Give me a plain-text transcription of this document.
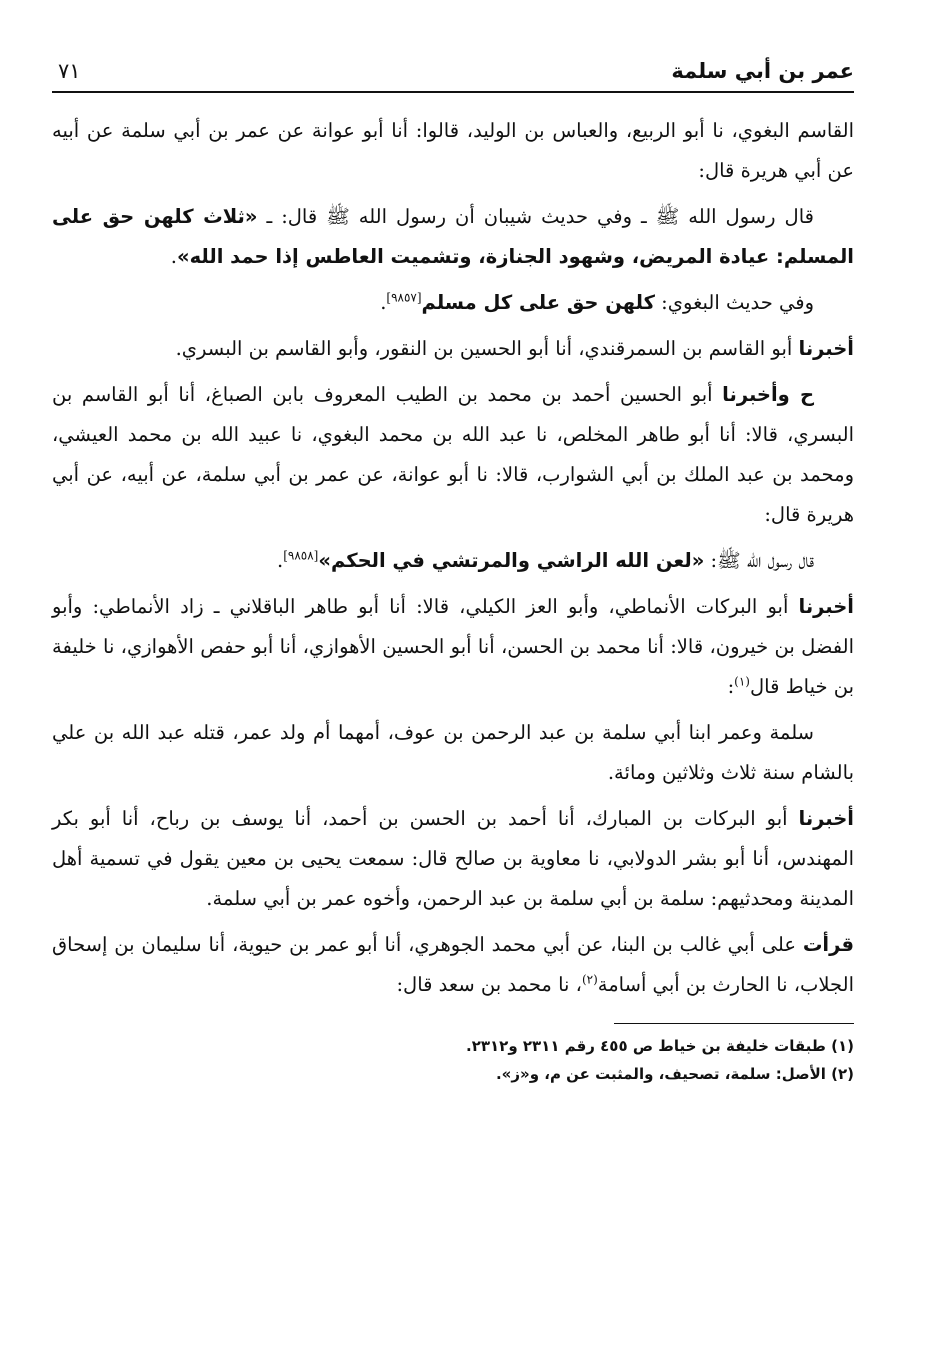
عمر بن أبي سلمة
٧١

القاسم البغوي، نا أبو الربيع، والعباس بن الوليد، قالوا: أنا أبو عوانة عن عمر بن أبي سلمة عن أبيه عن أبي هريرة قال:

قال رسول الله ﷺ ـ وفي حديث شيبان أن رسول الله ﷺ قال: ـ «ثلاث كلهن حق على المسلم: عيادة المريض، وشهود الجنازة، وتشميت العاطس إذا حمد الله».

وفي حديث البغوي: كلهن حق على كل مسلم[٩٨٥٧].

أخبرنا أبو القاسم بن السمرقندي، أنا أبو الحسين بن النقور، وأبو القاسم بن البسري.

ح وأخبرنا أبو الحسين أحمد بن محمد بن الطيب المعروف بابن الصباغ، أنا أبو القاسم بن البسري، قالا: أنا أبو طاهر المخلص، نا عبد الله بن محمد البغوي، نا عبيد الله بن محمد العيشي، ومحمد بن عبد الملك بن أبي الشوارب، قالا: نا أبو عوانة، عن عمر بن أبي سلمة، عن أبيه، عن أبي هريرة قال:

قال رسول الله ﷺ: «لعن الله الراشي والمرتشي في الحكم»[٩٨٥٨].

أخبرنا أبو البركات الأنماطي، وأبو العز الكيلي، قالا: أنا أبو طاهر الباقلاني ـ زاد الأنماطي: وأبو الفضل بن خيرون، قالا: أنا محمد بن الحسن، أنا أبو الحسين الأهوازي، أنا أبو حفص الأهوازي، نا خليفة بن خياط قال$^{(١)}$:

سلمة وعمر ابنا أبي سلمة بن عبد الرحمن بن عوف، أمهما أم ولد عمر، قتله عبد الله بن علي بالشام سنة ثلاث وثلاثين ومائة.

أخبرنا أبو البركات بن المبارك، أنا أحمد بن الحسن بن أحمد، أنا يوسف بن رباح، أنا أبو بكر المهندس، أنا أبو بشر الدولابي، نا معاوية بن صالح قال: سمعت يحيى بن معين يقول في تسمية أهل المدينة ومحدثيهم: سلمة بن أبي سلمة بن عبد الرحمن، وأخوه عمر بن أبي سلمة.

قرأت على أبي غالب بن البنا، عن أبي محمد الجوهري، أنا أبو عمر بن حيوية، أنا سليمان بن إسحاق الجلاب، نا الحارث بن أبي أسامة$^{(٢)}$، نا محمد بن سعد قال:

(١) طبقات خليفة بن خياط ص ٤٥٥ رقم ٢٣١١ و٢٣١٢.
(٢) الأصل: سلمة، تصحيف، والمثبت عن م، و«ز».
